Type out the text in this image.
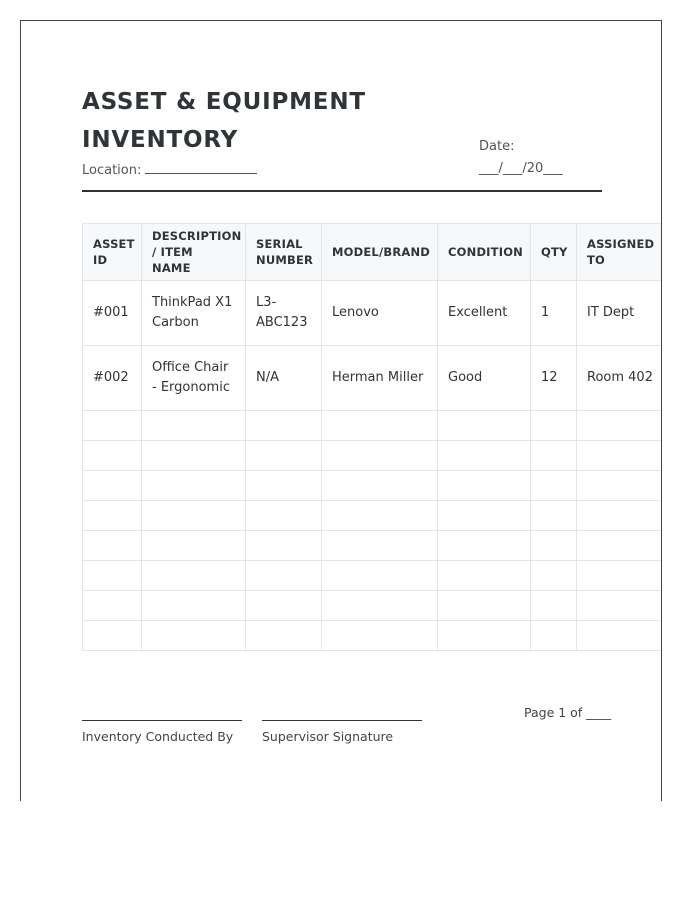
ASSET & EQUIPMENT INVENTORY
Location:
Date:
___/___/20___
ASSET ID	DESCRIPTION / ITEM NAME	SERIAL NUMBER	MODEL/BRAND	CONDITION	QTY	ASSIGNED TO
#001	ThinkPad X1 Carbon	L3-ABC123	Lenovo	Excellent	1	IT Dept
#002	Office Chair - Ergonomic	N/A	Herman Miller	Good	12	Room 402

Inventory Conducted By Supervisor Signature
Page 1 of ____
